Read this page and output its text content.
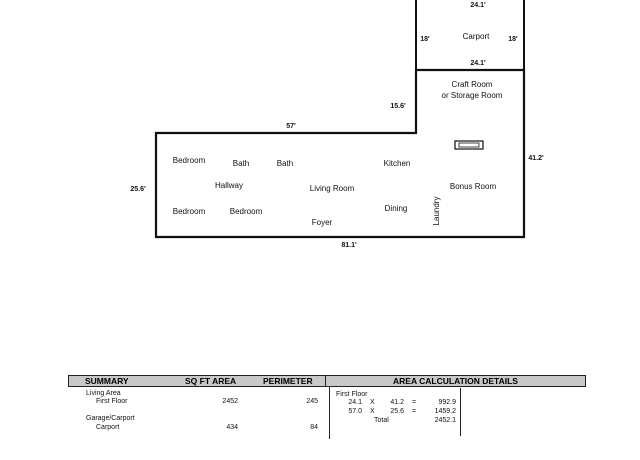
24.1'
18'	18'
24.1'
15.6'
57'
41.2'
25.6'
81.1'
Carport
Craft Room
or Storage Room
Bedroom	Bath	Bath	Kitchen
Hallway	Living Room	Bonus Room
Bedroom	Bedroom	Dining
Foyer	Laundry
SUMMARY	SQ FT AREA	PERIMETER	AREA CALCULATION DETAILS
Living Area
First Floor	2452	245
Garage/Carport
Carport	434	84
First Floor
24.1 X	41.2 =	992.9
57.0 X	25.6 =	1459.2
Total	2452.1
